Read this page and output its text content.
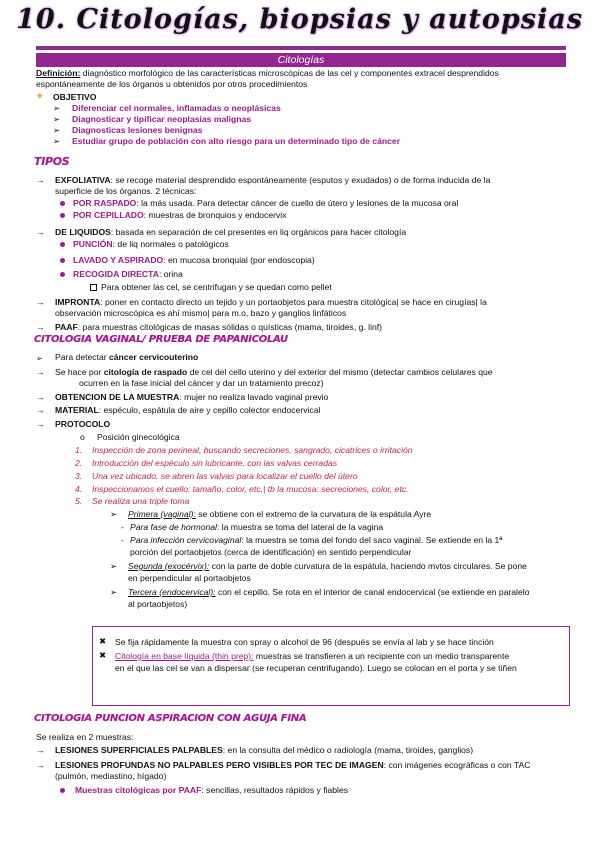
10. Citologías, biopsias y autopsias
Citologías
Definición: diagnóstico morfológico de las características microscópicas de las cel y componentes extracel desprendidos
espontáneamente de los órganos u obtenidos por otros procedimientos
✷ OBJETIVO
➢ Diferenciar cel normales, inflamadas o neoplásicas
➢ Diagnosticar y tipificar neoplasias malignas
➢ Diagnosticas lesiones benignas
➢ Estudiar grupo de población con alto riesgo para un determinado tipo de cáncer
TIPOS
→ EXFOLIATIVA: se recoge material desprendido espontáneamente (esputos y exudados) o de forma inducida de la
superficie de los órganos. 2 técnicas:
POR RASPADO: la más usada. Para detectar cáncer de cuello de útero y lesiones de la mucosa oral
POR CEPILLADO: muestras de bronquios y endocervix
→ DE LIQUIDOS: basada en separación de cel presentes en liq orgánicos para hacer citología
PUNCIÓN: de liq normales o patológicos
LAVADO Y ASPIRADO: en mucosa bronquial (por endoscopia)
RECOGIDA DIRECTA: orina
Para obtener las cel, se centrifugan y se quedan como pellet
→ IMPRONTA: poner en contacto directo un tejido y un portaobjetos para muestra citológica| se hace en cirugías| la
observación microscópica es ahí mismo| para m.o, bazo y ganglios linfáticos
→ PAAF: para muestras citológicas de masas sólidas o quísticas (mama, tiroides, g. linf)
CITOLOGIA VAGINAL/ PRUEBA DE PAPANICOLAU
➢ Para detectar cáncer cervicouterino
→ Se hace por citología de raspado de cel del cello uterino y del exterior del mismo (detectar cambios celulares que
ocurren en la fase inicial del cáncer y dar un tratamiento precoz)
→ OBTENCION DE LA MUESTRA: mujer no realiza lavado vaginal previo
→ MATERIAL: espéculo, espátula de aire y cepillo colector endocervical
→ PROTOCOLO
o Posición ginecológica
1. Inspección de zona perineal, buscando secreciones, sangrado, cicatrices o irritación
2. Introducción del espéculo sin lubricante, con las valvas cerradas
3. Una vez ubicado, se abren las valvas para localizar el cuello del útero
4. Inspeccionamos el cuello: tamaño, color, etc.| tb la mucosa: secreciones, color, etc.
5. Se realiza una triple toma
➢ Primera (vaginal): se obtiene con el extremo de la curvatura de la espátula Ayre
- Para fase de hormonal: la muestra se toma del lateral de la vagina
- Para infección cervicovaginal: la muestra se toma del fondo del saco vaginal. Se extiende en la 1ª
porción del portaobjetos (cerca de identificación) en sentido perpendicular
➢ Segunda (exocérvix): con la parte de doble curvatura de la espátula, haciendo mvtos circulares. Se pone
en perpendicular al portaobjetos
➢ Tercera (endocervical): con el cepillo. Se rota en el interior de canal endocervical (se extiende en paralelo
al portaobjetos)
✖ Se fija rápidamente la muestra con spray o alcohol de 96 (después se envía al lab y se hace tinción
✖ Citología en base líquida (thin prep): muestras se transfieren a un recipiente con un medio transparente
en el que las cel se van a dispersar (se recuperan centrifugando). Luego se colocan en el porta y se tiñen
CITOLOGIA PUNCION ASPIRACION CON AGUJA FINA
Se realiza en 2 muestras:
→ LESIONES SUPERFICIALES PALPABLES: en la consulta del médico o radiología (mama, tiroides, ganglios)
→ LESIONES PROFUNDAS NO PALPABLES PERO VISIBLES POR TEC DE IMAGEN: con imágenes ecográficas o con TAC
(pulmón, mediastino, hígado)
Muestras citológicas por PAAF: sencillas, resultados rápidos y fiables
